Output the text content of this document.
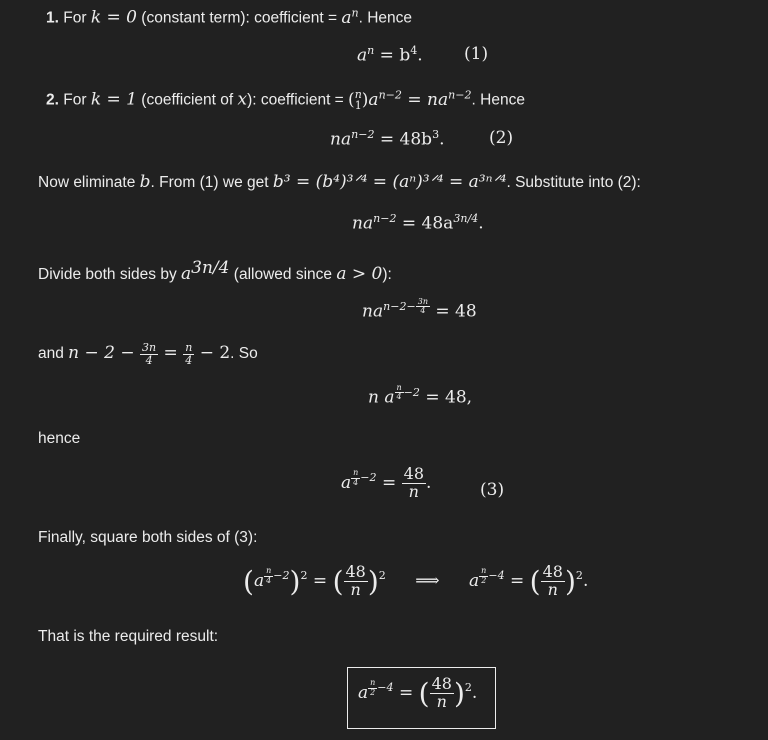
1. For k = 0 (constant term): coefficient = $a^n$. Hence
$a^n = b^4$. (1)
2. For k = 1 (coefficient of x): coefficient = ( n
1 )$a^{n-2} = na^{n-2}$. Hence
$na^{n-2} = 48b^3$.	(2)
Now eliminate b. From (1) we get b³ = (b⁴)³ᐟ⁴ = (aⁿ)³ᐟ⁴ = a³ⁿᐟ⁴. Substitute into (2):
$na^{n-2} = 48a^{3n/4}$.
Divide both sides by $a^{3n/4}$ (allowed since a > 0):
$na^{n-2- \frac{3n}{4}} = 48$
and $n - 2 - \frac{3n}{4} = \frac{n}{4} - 2$. So
n a $^{\frac{n}{4} -2}$ = 48,
hence
a $^{\frac{n}{4} -2} = \frac{48}{n}$ .	(3)
Finally, square both sides of (3):
(a $^{\frac{n}{4} -2}$)$^2$ = ( $\frac{48}{n} )^2$ ⟹ a $^{\frac{n}{2} -4}$ = ( $\frac{48}{n} )^2$.
That is the required result:
a $^{\frac{n}{2} -4}$ = ( $\frac{48}{n} )^2$.
